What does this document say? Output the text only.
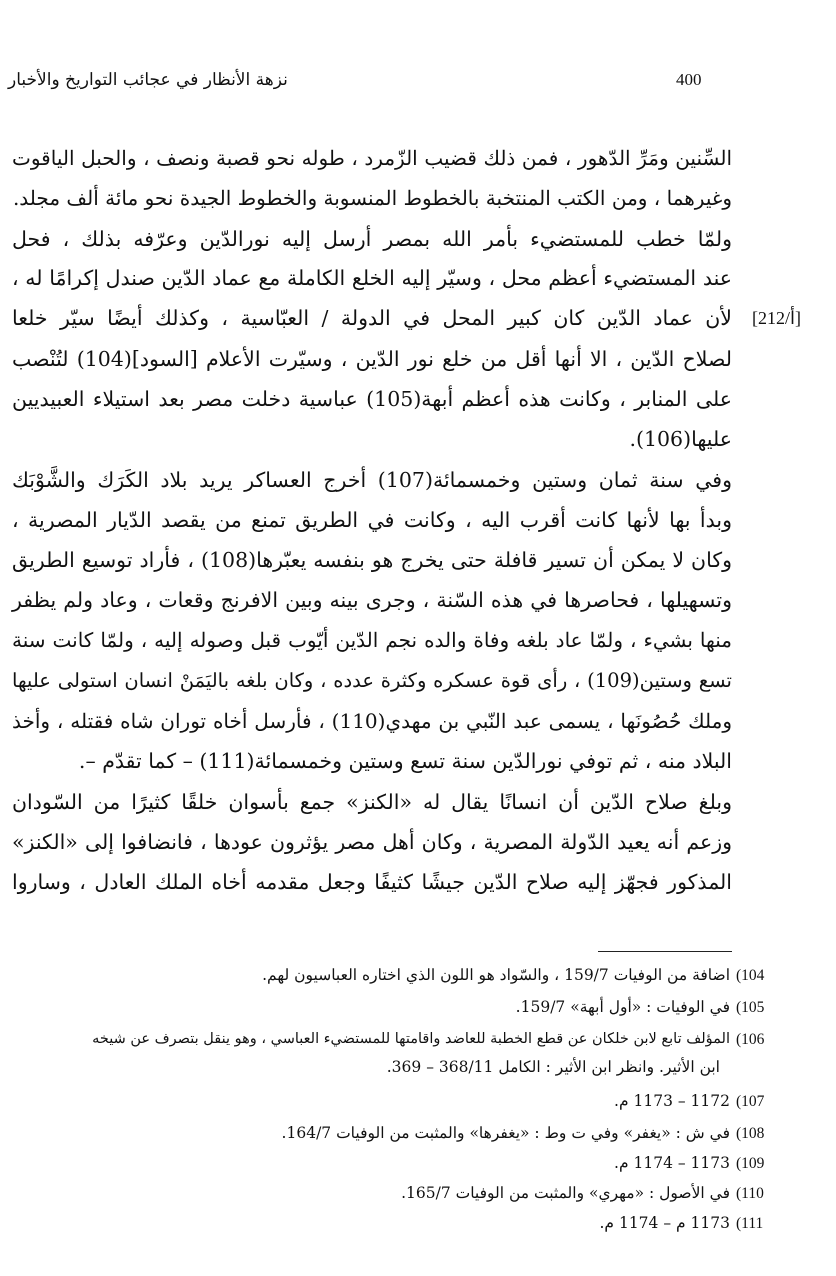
400
نزهة الأنظار في عجائب التواريخ والأخبار
[212/أ]
السِّنين ومَرِّ الدّهور ، فمن ذلك قضيب الزّمرد ، طوله نحو قصبة ونصف ، والحبل الياقوت
وغيرهما ، ومن الكتب المنتخبة بالخطوط المنسوبة والخطوط الجيدة نحو مائة ألف مجلد.
ولمّا خطب للمستضيء بأمر الله بمصر أرسل إليه نورالدّين وعرّفه بذلك ، فحل
عند المستضيء أعظم محل ، وسيّر إليه الخلع الكاملة مع عماد الدّين صندل إكرامًا له ،
لأن عماد الدّين كان كبير المحل في الدولة / العبّاسية ، وكذلك أيضًا سيّر خلعا
لصلاح الدّين ، الا أنها أقل من خلع نور الدّين ، وسيّرت الأعلام [السود](104) لتُنْصب
على المنابر ، وكانت هذه أعظم أبهة(105) عباسية دخلت مصر بعد استيلاء العبيديين
عليها(106).
وفي سنة ثمان وستين وخمسمائة(107) أخرج العساكر يريد بلاد الكَرَك والشَّوْبَك
وبدأ بها لأنها كانت أقرب اليه ، وكانت في الطريق تمنع من يقصد الدّيار المصرية ،
وكان لا يمكن أن تسير قافلة حتى يخرج هو بنفسه يعبّرها(108) ، فأراد توسيع الطريق
وتسهيلها ، فحاصرها في هذه السّنة ، وجرى بينه وبين الافرنج وقعات ، وعاد ولم يظفر
منها بشيء ، ولمّا عاد بلغه وفاة والده نجم الدّين أيّوب قبل وصوله إليه ، ولمّا كانت سنة
تسع وستين(109) ، رأى قوة عسكره وكثرة عدده ، وكان بلغه باليَمَنْ انسان استولى عليها
وملك حُصُونَها ، يسمى عبد النّبي بن مهدي(110) ، فأرسل أخاه توران شاه فقتله ، وأخذ
البلاد منه ، ثم توفي نورالدّين سنة تسع وستين وخمسمائة(111) – كما تقدّم –.
وبلغ صلاح الدّين أن انسانًا يقال له «الكنز» جمع بأسوان خلقًا كثيرًا من السّودان
وزعم أنه يعيد الدّولة المصرية ، وكان أهل مصر يؤثرون عودها ، فانضافوا إلى «الكنز»
المذكور فجهّز إليه صلاح الدّين جيشًا كثيفًا وجعل مقدمه أخاه الملك العادل ، وساروا
(104
اضافة من الوفيات 159/7 ، والسّواد هو اللون الذي اختاره العباسيون لهم.
(105
في الوفيات : «أول أبهة» 159/7.
(106
المؤلف تابع لابن خلكان عن قطع الخطبة للعاضد واقامتها للمستضيء العباسي ، وهو ينقل بتصرف عن شيخه
ابن الأثير. وانظر ابن الأثير : الكامل 368/11 – 369.
(107
1172 – 1173 م.
(108
في ش : «يغفر» وفي ت وط : «يغفرها» والمثبت من الوفيات 164/7.
(109
1173 – 1174 م.
(110
في الأصول : «مهري» والمثبت من الوفيات 165/7.
(111
1173 م – 1174 م.
